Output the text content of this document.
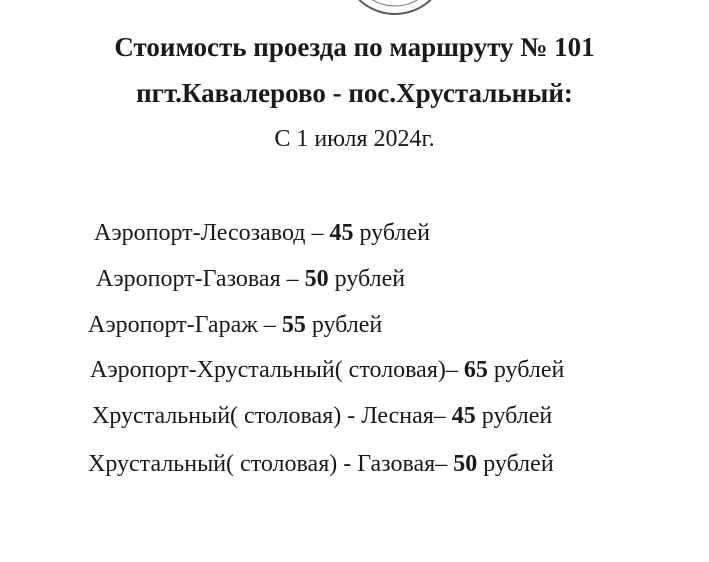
Стоимость проезда по маршруту № 101
пгт.Кавалерово - пос.Хрустальный:
С 1 июля 2024г.
Аэропорт-Лесозавод – 45 рублей
Аэропорт-Газовая – 50 рублей
Аэропорт-Гараж – 55 рублей
Аэропорт-Хрустальный( столовая)– 65 рублей
Хрустальный( столовая) - Лесная– 45 рублей
Хрустальный( столовая) - Газовая– 50 рублей
